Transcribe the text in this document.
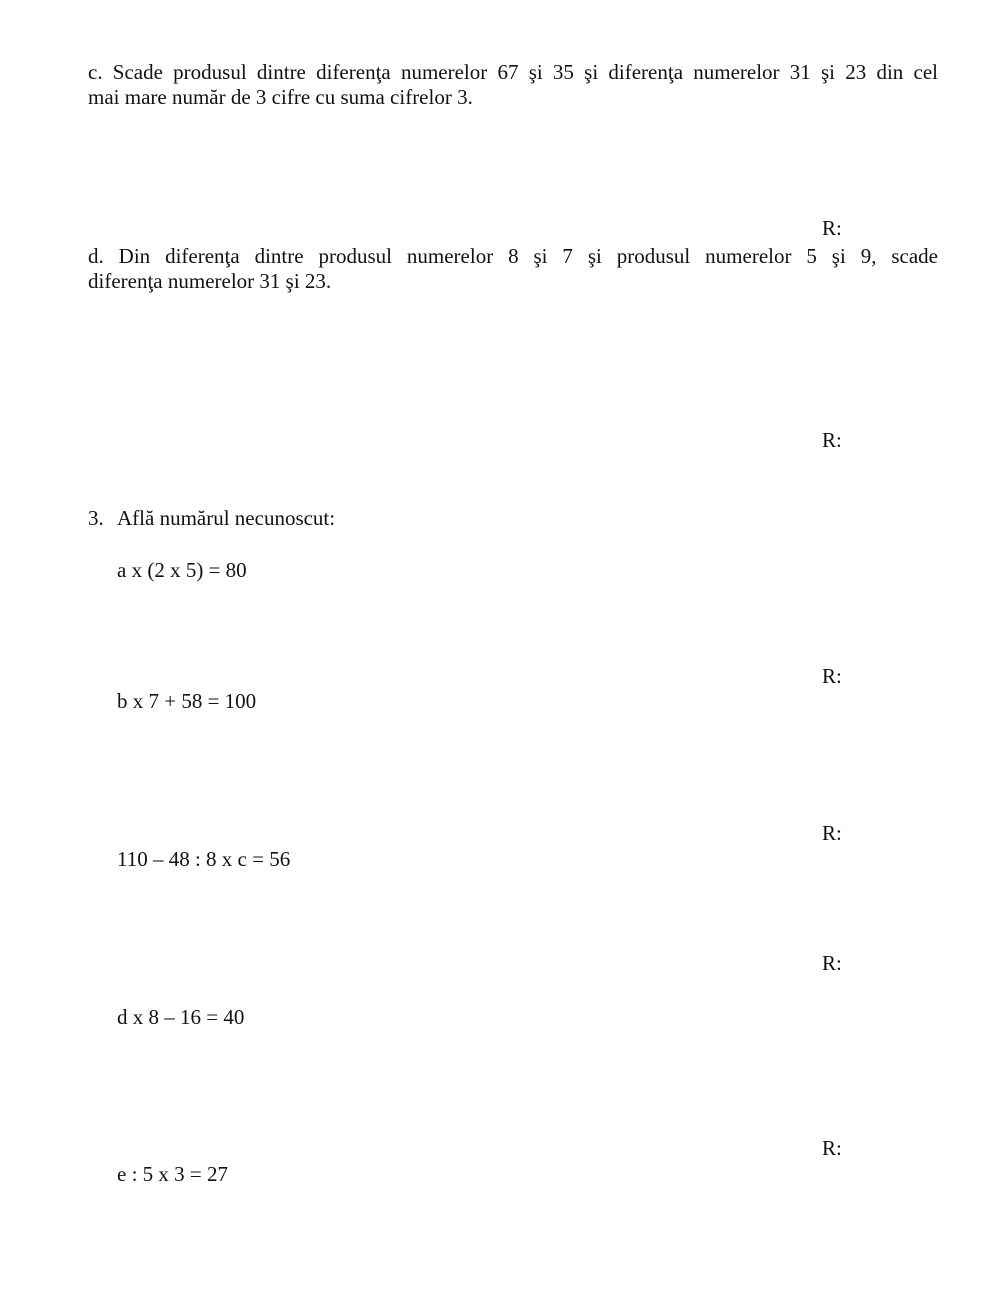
c. Scade produsul dintre diferenţa numerelor 67 şi 35 şi diferenţa numerelor 31 şi 23 din cel
mai mare număr de 3 cifre cu suma cifrelor 3.
R:
d. Din diferenţa dintre produsul numerelor 8 şi 7 şi produsul numerelor 5 şi 9, scade
diferenţa numerelor 31 şi 23.
R:
3. Află numărul necunoscut:
a x (2 x 5) = 80
R:
b x 7 + 58 = 100
R:
110 – 48 : 8 x c = 56
R:
d x 8 – 16 = 40
R:
e : 5 x 3 = 27
